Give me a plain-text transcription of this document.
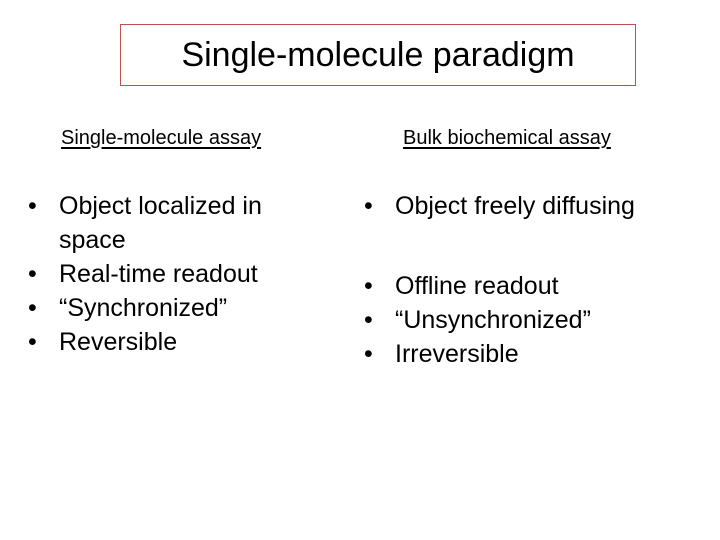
Single-molecule paradigm
Single-molecule assay	Bulk biochemical assay
• Object localized in space
• Real-time readout
• “Synchronized”
• Reversible
• Object freely diffusing
• Offline readout
• “Unsynchronized”
• Irreversible
